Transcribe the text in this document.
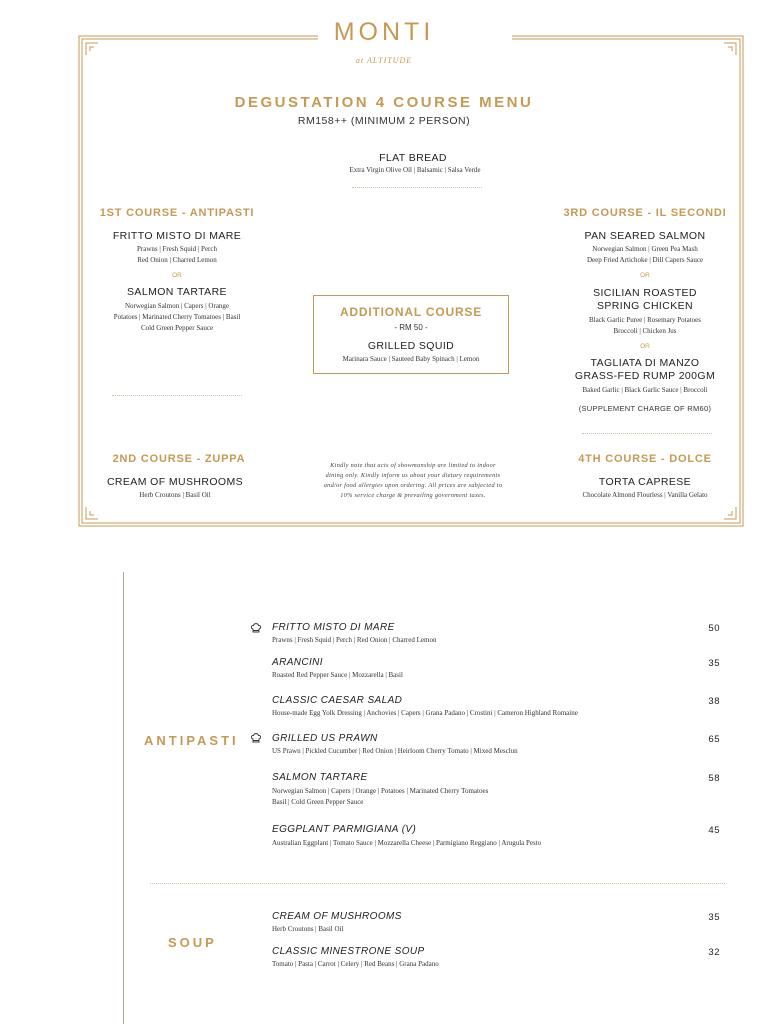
MONTI
at ALTITUDE
DEGUSTATION 4 COURSE MENU
RM158++ (MINIMUM 2 PERSON)
FLAT BREAD
Extra Virgin Olive Oil | Balsamic | Salsa Verde
1ST COURSE - ANTIPASTI
FRITTO MISTO DI MARE
Prawns | Fresh Squid | Perch
Red Onion | Charred Lemon
OR
SALMON TARTARE
Norwegian Salmon | Capers | Orange
Potatoes | Marinated Cherry Tomatoes | Basil
Cold Green Pepper Sauce
2ND COURSE - ZUPPA
CREAM OF MUSHROOMS
Herb Croutons | Basil Oil
ADDITIONAL COURSE
- RM 50 -
GRILLED SQUID
Marinara Sauce | Sauteed Baby Spinach | Lemon
Kindly note that acts of showmanship are limited to indoor
dining only. Kindly inform us about your dietary requirements
and/or food allergies upon ordering. All prices are subjected to
10% service charge & prevailing government taxes.
3RD COURSE - IL SECONDI
PAN SEARED SALMON
Norwegian Salmon | Green Pea Mash
Deep Fried Artichoke | Dill Capers Sauce
OR
SICILIAN ROASTED
SPRING CHICKEN
Black Garlic Puree | Rosemary Potatoes
Broccoli | Chicken Jus
OR
TAGLIATA DI MANZO
GRASS-FED RUMP 200GM
Baked Garlic | Black Garlic Sauce | Broccoli
(SUPPLEMENT CHARGE OF RM60)
4TH COURSE - DOLCE
TORTA CAPRESE
Chocolate Almond Flourless | Vanilla Gelato
ANTIPASTI
FRITTO MISTO DI MARE
Prawns | Fresh Squid | Perch | Red Onion | Charred Lemon
50
ARANCINI
Roasted Red Pepper Sauce | Mozzarella | Basil
35
CLASSIC CAESAR SALAD
House-made Egg Yolk Dressing | Anchovies | Capers | Grana Padano | Crostini | Cameron Highland Romaine
38
GRILLED US PRAWN
US Prawn | Pickled Cucumber | Red Onion | Heirloom Cherry Tomato | Mixed Mesclun
65
SALMON TARTARE
Norwegian Salmon | Capers | Orange | Potatoes | Marinated Cherry Tomatoes
Basil | Cold Green Pepper Sauce
58
EGGPLANT PARMIGIANA (V)
Australian Eggplant | Tomato Sauce | Mozzarella Cheese | Parmigiano Reggiano | Arugula Pesto
45
SOUP
CREAM OF MUSHROOMS
Herb Croutons | Basil Oil
35
CLASSIC MINESTRONE SOUP
Tomato | Pasta | Carrot | Celery | Red Beans | Grana Padano
32
